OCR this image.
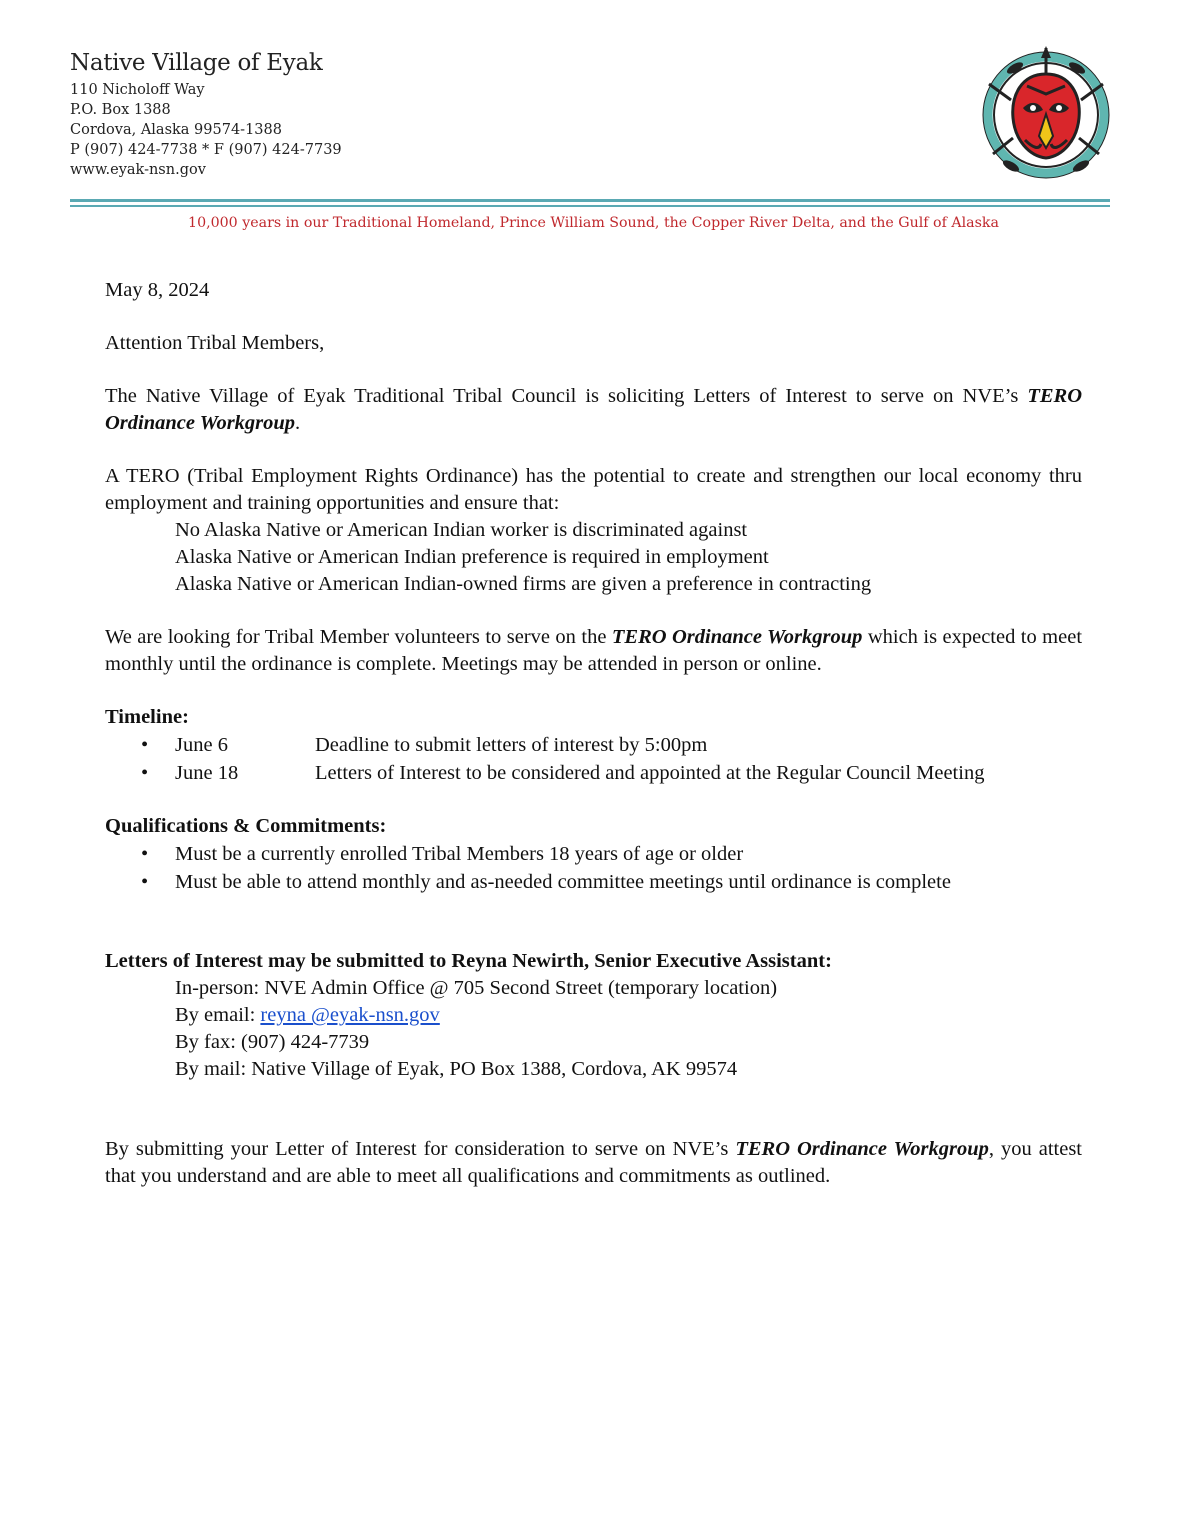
Native Village of Eyak
110 Nicholoff Way
P.O. Box 1388
Cordova, Alaska 99574-1388
P (907) 424-7738 * F (907) 424-7739
www.eyak-nsn.gov
10,000 years in our Traditional Homeland, Prince William Sound, the Copper River Delta, and the Gulf of Alaska

May 8, 2024

Attention Tribal Members,

The Native Village of Eyak Traditional Tribal Council is soliciting Letters of Interest to serve on NVE’s TERO Ordinance Workgroup.

A TERO (Tribal Employment Rights Ordinance) has the potential to create and strengthen our local economy thru employment and training opportunities and ensure that:

No Alaska Native or American Indian worker is discriminated against

Alaska Native or American Indian preference is required in employment

Alaska Native or American Indian-owned firms are given a preference in contracting

We are looking for Tribal Member volunteers to serve on the TERO Ordinance Workgroup which is expected to meet monthly until the ordinance is complete. Meetings may be attended in person or online.

Timeline:

• June 6	Deadline to submit letters of interest by 5:00pm
• June 18	Letters of Interest to be considered and appointed at the Regular Council Meeting

Qualifications & Commitments:

• Must be a currently enrolled Tribal Members 18 years of age or older
• Must be able to attend monthly and as-needed committee meetings until ordinance is complete

Letters of Interest may be submitted to Reyna Newirth, Senior Executive Assistant:

In-person: NVE Admin Office @ 705 Second Street (temporary location)

By email: reyna @eyak-nsn.gov

By fax: (907) 424-7739

By mail: Native Village of Eyak, PO Box 1388, Cordova, AK 99574

By submitting your Letter of Interest for consideration to serve on NVE’s TERO Ordinance Workgroup, you attest that you understand and are able to meet all qualifications and commitments as outlined.
